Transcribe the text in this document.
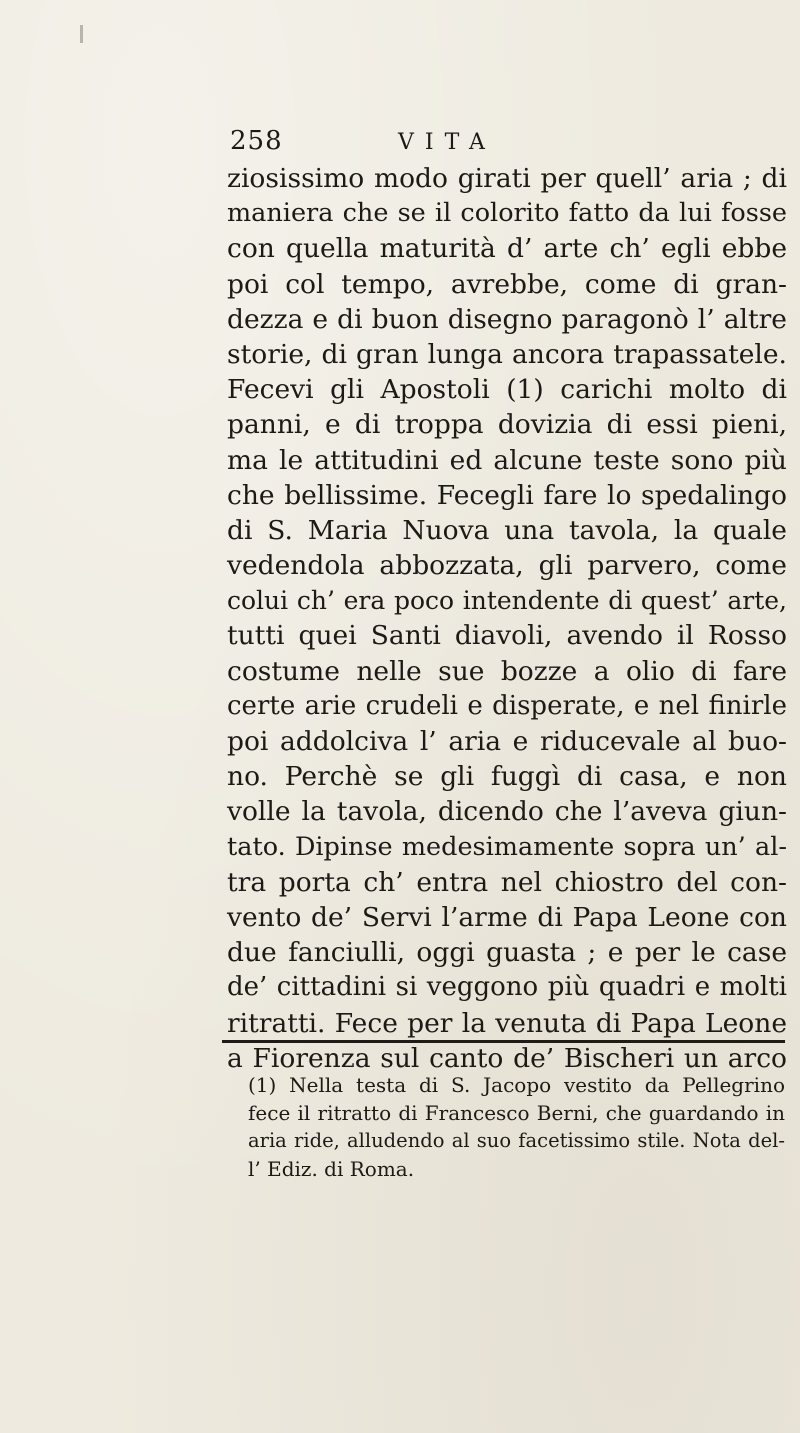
258	VITA
ziosissimo modo girati per quell’ aria ; di
maniera che se il colorito fatto da lui fosse
con quella maturità d’ arte ch’ egli ebbe
poi col tempo, avrebbe, come di gran-
dezza e di buon disegno paragonò l’ altre
storie, di gran lunga ancora trapassatele.
Fecevi gli Apostoli (1) carichi molto di
panni, e di troppa dovizia di essi pieni,
ma le attitudini ed alcune teste sono più
che bellissime. Fecegli fare lo spedalingo
di S. Maria Nuova una tavola, la quale
vedendola abbozzata, gli parvero, come
colui ch’ era poco intendente di quest’ arte,
tutti quei Santi diavoli, avendo il Rosso
costume nelle sue bozze a olio di fare
certe arie crudeli e disperate, e nel finirle
poi addolciva l’ aria e riducevale al buo-
no. Perchè se gli fuggì di casa, e non
volle la tavola, dicendo che l’aveva giun-
tato. Dipinse medesimamente sopra un’ al-
tra porta ch’ entra nel chiostro del con-
vento de’ Servi l’arme di Papa Leone con
due fanciulli, oggi guasta ; e per le case
de’ cittadini si veggono più quadri e molti
ritratti. Fece per la venuta di Papa Leone
a Fiorenza sul canto de’ Bischeri un arco
(1) Nella testa di S. Jacopo vestito da Pellegrino
fece il ritratto di Francesco Berni, che guardando in
aria ride, alludendo al suo facetissimo stile. Nota del-
l’ Ediz. di Roma.
